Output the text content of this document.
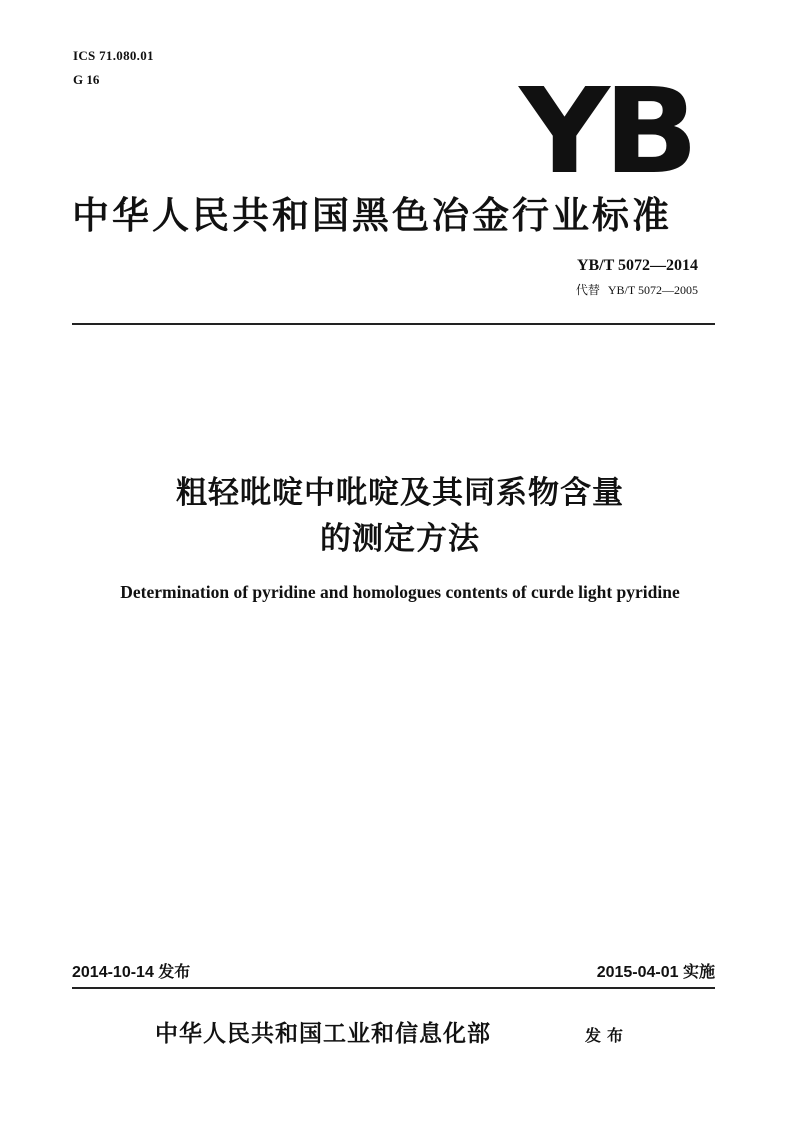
ICS 71.080.01
G 16	YB
中华人民共和国黑色冶金行业标准
YB/T 5072—2014
代替 YB/T 5072—2005
粗轻吡啶中吡啶及其同系物含量
的测定方法
Determination of pyridine and homologues contents of curde light pyridine
2014-10-14 发布	2015-04-01 实施
中华人民共和国工业和信息化部	发布
